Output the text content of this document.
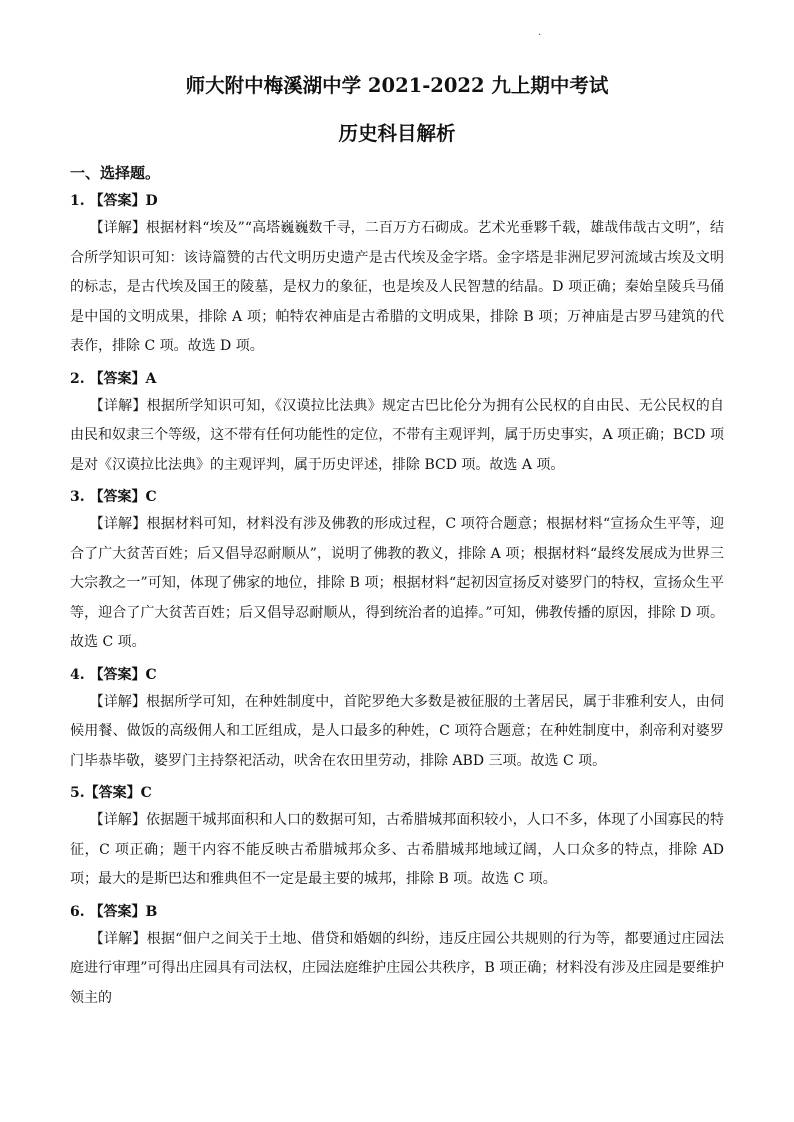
·
师大附中梅溪湖中学 2021-2022 九上期中考试
历史科目解析
一、选择题。
1. 【答案】D
【详解】根据材料“埃及”“高塔巍巍数千寻，二百万方石砌成。艺术光垂夥千载，雄哉伟哉古文明”，结合所学知识可知：该诗篇赞的古代文明历史遗产是古代埃及金字塔。金字塔是非洲尼罗河流域古埃及文明的标志，是古代埃及国王的陵墓，是权力的象征，也是埃及人民智慧的结晶。D 项正确；秦始皇陵兵马俑是中国的文明成果，排除 A 项；帕特农神庙是古希腊的文明成果，排除 B 项；万神庙是古罗马建筑的代表作，排除 C 项。故选 D 项。
2. 【答案】A
【详解】根据所学知识可知，《汉谟拉比法典》规定古巴比伦分为拥有公民权的自由民、无公民权的自由民和奴隶三个等级，这不带有任何功能性的定位，不带有主观评判，属于历史事实，A 项正确；BCD 项是对《汉谟拉比法典》的主观评判，属于历史评述，排除 BCD 项。故选 A 项。
3. 【答案】C
【详解】根据材料可知，材料没有涉及佛教的形成过程，C 项符合题意；根据材料“宣扬众生平等，迎合了广大贫苦百姓；后又倡导忍耐顺从”，说明了佛教的教义，排除 A 项；根据材料“最终发展成为世界三大宗教之一”可知，体现了佛家的地位，排除 B 项；根据材料“起初因宣扬反对婆罗门的特权，宣扬众生平等，迎合了广大贫苦百姓；后又倡导忍耐顺从，得到统治者的追捧。”可知，佛教传播的原因，排除 D 项。故选 C 项。
4. 【答案】C
【详解】根据所学可知，在种姓制度中，首陀罗绝大多数是被征服的土著居民，属于非雅利安人，由伺候用餐、做饭的高级佣人和工匠组成，是人口最多的种姓，C 项符合题意；在种姓制度中，刹帝利对婆罗门毕恭毕敬，婆罗门主持祭祀活动，吠舍在农田里劳动，排除 ABD 三项。故选 C 项。
5.【答案】C
【详解】依据题干城邦面积和人口的数据可知，古希腊城邦面积较小，人口不多，体现了小国寡民的特征，C 项正确；题干内容不能反映古希腊城邦众多、古希腊城邦地域辽阔，人口众多的特点，排除 AD 项；最大的是斯巴达和雅典但不一定是最主要的城邦，排除 B 项。故选 C 项。
6. 【答案】B
【详解】根据“佃户之间关于土地、借贷和婚姻的纠纷，违反庄园公共规则的行为等，都要通过庄园法庭进行审理”可得出庄园具有司法权，庄园法庭维护庄园公共秩序，B 项正确；材料没有涉及庄园是要维护领主的
